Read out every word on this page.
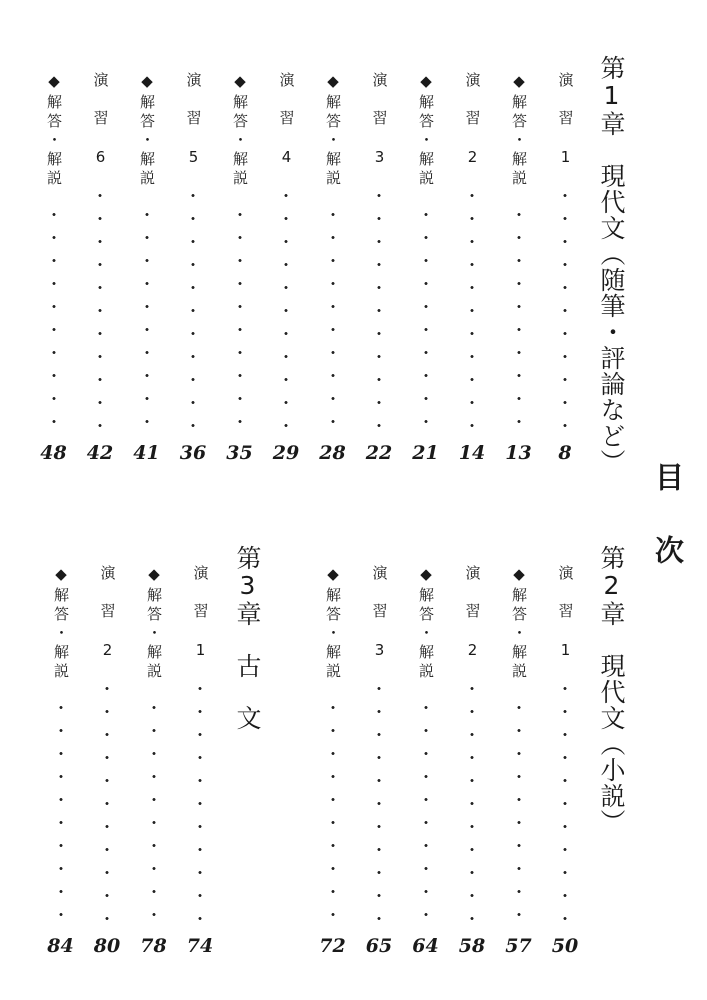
目次
第1章　現代文（随筆・評論など）
演　習　1
8
◆解答・解説
13
演　習　2
14
◆解答・解説
21
演　習　3
22
◆解答・解説
28
演　習　4
29
◆解答・解説
35
演　習　5
36
◆解答・解説
41
演　習　6
42
◆解答・解説
48
第2章　現代文（小説）
演　習　1
50
◆解答・解説
57
演　習　2
58
◆解答・解説
64
演　習　3
65
◆解答・解説
72
第3章　古　文
演　習　1
74
◆解答・解説
78
演　習　2
80
◆解答・解説
84
